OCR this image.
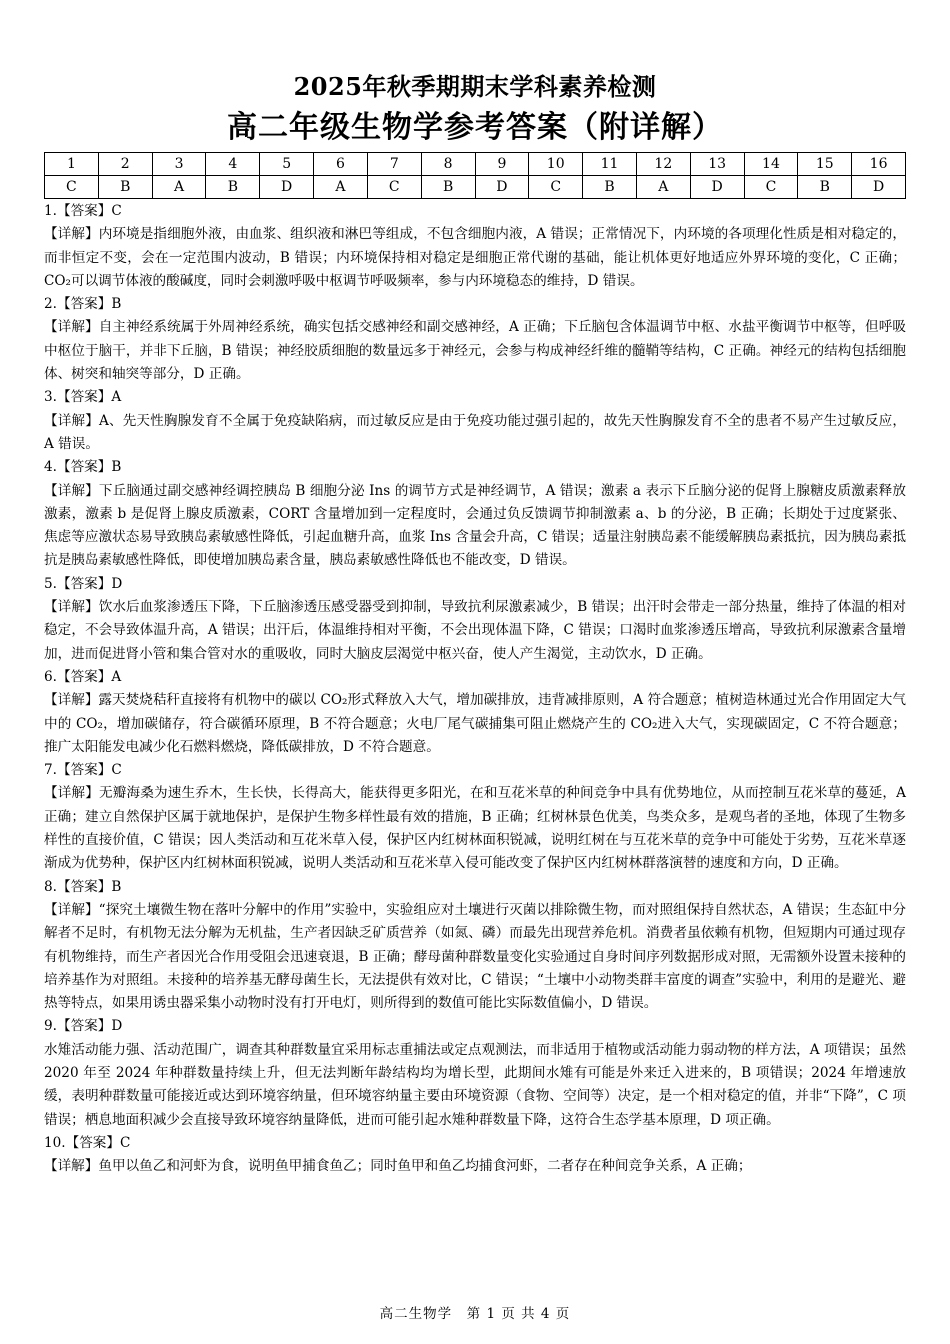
2025年秋季期期末学科素养检测
高二年级生物学参考答案（附详解）
1	2	3	4	5	6	7	8	9	10	11	12	13	14	15	16
C	B	A	B	D	A	C	B	D	C	B	A	D	C	B	D

1.【答案】C

【详解】内环境是指细胞外液，由血浆、组织液和淋巴等组成，不包含细胞内液，A 错误；正常情况下，内环境的各项理化性质是相对稳定的，而非恒定不变，会在一定范围内波动，B 错误；内环境保持相对稳定是细胞正常代谢的基础，能让机体更好地适应外界环境的变化，C 正确；CO₂可以调节体液的酸碱度，同时会刺激呼吸中枢调节呼吸频率，参与内环境稳态的维持，D 错误。

2.【答案】B

【详解】自主神经系统属于外周神经系统，确实包括交感神经和副交感神经，A 正确；下丘脑包含体温调节中枢、水盐平衡调节中枢等，但呼吸中枢位于脑干，并非下丘脑，B 错误；神经胶质细胞的数量远多于神经元，会参与构成神经纤维的髓鞘等结构，C 正确。神经元的结构包括细胞体、树突和轴突等部分，D 正确。

3.【答案】A

【详解】A、先天性胸腺发育不全属于免疫缺陷病，而过敏反应是由于免疫功能过强引起的，故先天性胸腺发育不全的患者不易产生过敏反应，A 错误。

4.【答案】B

【详解】下丘脑通过副交感神经调控胰岛 B 细胞分泌 Ins 的调节方式是神经调节，A 错误；激素 a 表示下丘脑分泌的促肾上腺糖皮质激素释放激素，激素 b 是促肾上腺皮质激素，CORT 含量增加到一定程度时，会通过负反馈调节抑制激素 a、b 的分泌，B 正确；长期处于过度紧张、焦虑等应激状态易导致胰岛素敏感性降低，引起血糖升高，血浆 Ins 含量会升高，C 错误；适量注射胰岛素不能缓解胰岛素抵抗，因为胰岛素抵抗是胰岛素敏感性降低，即使增加胰岛素含量，胰岛素敏感性降低也不能改变，D 错误。

5.【答案】D

【详解】饮水后血浆渗透压下降，下丘脑渗透压感受器受到抑制，导致抗利尿激素减少，B 错误；出汗时会带走一部分热量，维持了体温的相对稳定，不会导致体温升高，A 错误；出汗后，体温维持相对平衡，不会出现体温下降，C 错误；口渴时血浆渗透压增高，导致抗利尿激素含量增加，进而促进肾小管和集合管对水的重吸收，同时大脑皮层渴觉中枢兴奋，使人产生渴觉，主动饮水，D 正确。

6.【答案】A

【详解】露天焚烧秸秆直接将有机物中的碳以 CO₂形式释放入大气，增加碳排放，违背减排原则，A 符合题意；植树造林通过光合作用固定大气中的 CO₂，增加碳储存，符合碳循环原理，B 不符合题意；火电厂尾气碳捕集可阻止燃烧产生的 CO₂进入大气，实现碳固定，C 不符合题意；推广太阳能发电减少化石燃料燃烧，降低碳排放，D 不符合题意。

7.【答案】C

【详解】无瓣海桑为速生乔木，生长快，长得高大，能获得更多阳光，在和互花米草的种间竞争中具有优势地位，从而控制互花米草的蔓延，A 正确；建立自然保护区属于就地保护，是保护生物多样性最有效的措施，B 正确；红树林景色优美，鸟类众多，是观鸟者的圣地，体现了生物多样性的直接价值，C 错误；因人类活动和互花米草入侵，保护区内红树林面积锐减，说明红树在与互花米草的竞争中可能处于劣势，互花米草逐渐成为优势种，保护区内红树林面积锐减，说明人类活动和互花米草入侵可能改变了保护区内红树林群落演替的速度和方向，D 正确。

8.【答案】B

【详解】“探究土壤微生物在落叶分解中的作用”实验中，实验组应对土壤进行灭菌以排除微生物，而对照组保持自然状态，A 错误；生态缸中分解者不足时，有机物无法分解为无机盐，生产者因缺乏矿质营养（如氮、磷）而最先出现营养危机。消费者虽依赖有机物，但短期内可通过现存有机物维持，而生产者因光合作用受阻会迅速衰退，B 正确；酵母菌种群数量变化实验通过自身时间序列数据形成对照，无需额外设置未接种的培养基作为对照组。未接种的培养基无酵母菌生长，无法提供有效对比，C 错误；“土壤中小动物类群丰富度的调查”实验中，利用的是避光、避热等特点，如果用诱虫器采集小动物时没有打开电灯，则所得到的数值可能比实际数值偏小，D 错误。

9.【答案】D

水雉活动能力强、活动范围广，调查其种群数量宜采用标志重捕法或定点观测法，而非适用于植物或活动能力弱动物的样方法，A 项错误；虽然 2020 年至 2024 年种群数量持续上升，但无法判断年龄结构均为增长型，此期间水雉有可能是外来迁入进来的，B 项错误；2024 年增速放缓，表明种群数量可能接近或达到环境容纳量，但环境容纳量主要由环境资源（食物、空间等）决定，是一个相对稳定的值，并非“下降”，C 项错误；栖息地面积减少会直接导致环境容纳量降低，进而可能引起水雉种群数量下降，这符合生态学基本原理，D 项正确。

10.【答案】C

【详解】鱼甲以鱼乙和河虾为食，说明鱼甲捕食鱼乙；同时鱼甲和鱼乙均捕食河虾，二者存在种间竞争关系，A 正确；

高二生物学　第 1 页 共 4 页
